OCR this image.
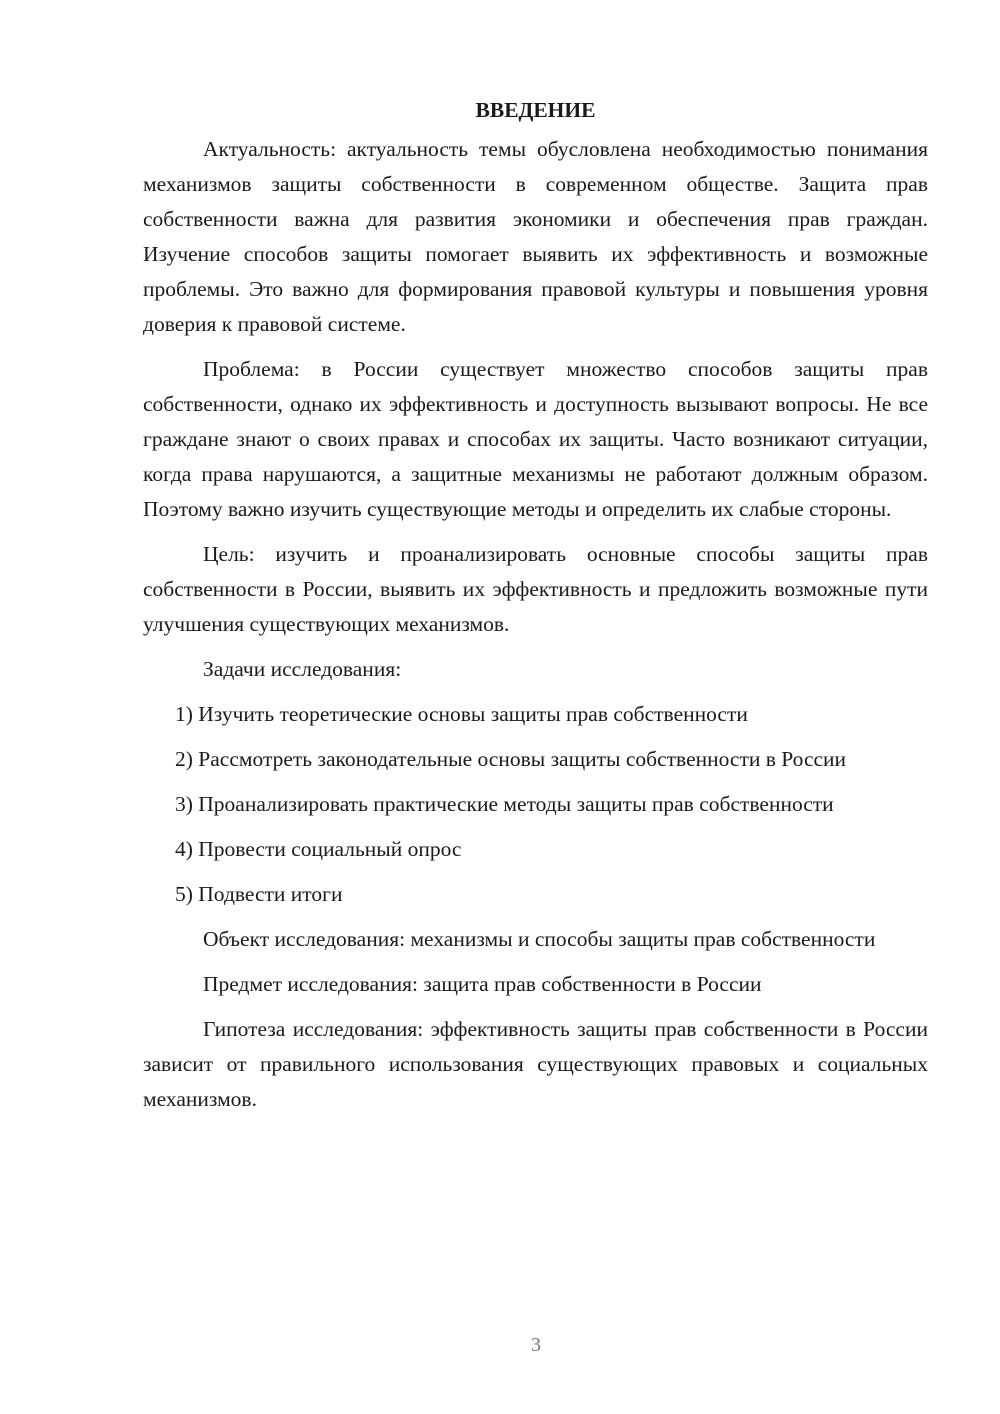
ВВЕДЕНИЕ

Актуальность: актуальность темы обусловлена необходимостью понимания механизмов защиты собственности в современном обществе. Защита прав собственности важна для развития экономики и обеспечения прав граждан. Изучение способов защиты помогает выявить их эффективность и возможные проблемы. Это важно для формирования правовой культуры и повышения уровня доверия к правовой системе.

Проблема: в России существует множество способов защиты прав собственности, однако их эффективность и доступность вызывают вопросы. Не все граждане знают о своих правах и способах их защиты. Часто возникают ситуации, когда права нарушаются, а защитные механизмы не работают должным образом. Поэтому важно изучить существующие методы и определить их слабые стороны.

Цель: изучить и проанализировать основные способы защиты прав собственности в России, выявить их эффективность и предложить возможные пути улучшения существующих механизмов.

Задачи исследования:

1) Изучить теоретические основы защиты прав собственности

2) Рассмотреть законодательные основы защиты собственности в России

3) Проанализировать практические методы защиты прав собственности

4) Провести социальный опрос

5) Подвести итоги

Объект исследования: механизмы и способы защиты прав собственности

Предмет исследования: защита прав собственности в России

Гипотеза исследования: эффективность защиты прав собственности в России зависит от правильного использования существующих правовых и социальных механизмов.

3
